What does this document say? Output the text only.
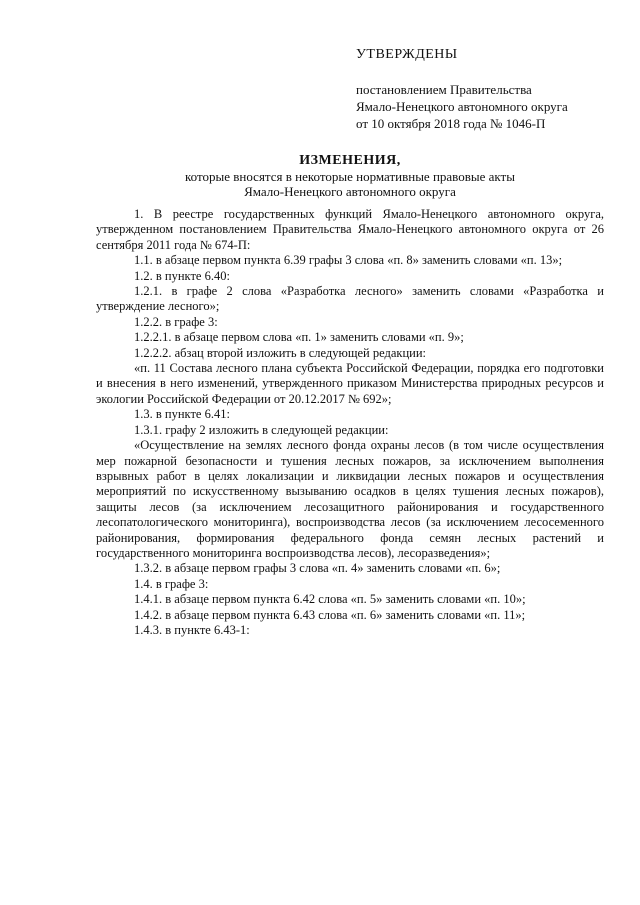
УТВЕРЖДЕНЫ
постановлением Правительства
Ямало-Ненецкого автономного округа
от 10 октября 2018 года № 1046-П
ИЗМЕНЕНИЯ,
которые вносятся в некоторые нормативные правовые акты
Ямало-Ненецкого автономного округа

1. В реестре государственных функций Ямало-Ненецкого автономного округа, утвержденном постановлением Правительства Ямало-Ненецкого автономного округа от 26 сентября 2011 года № 674-П:

1.1. в абзаце первом пункта 6.39 графы 3 слова «п. 8» заменить словами «п. 13»;

1.2. в пункте 6.40:

1.2.1. в графе 2 слова «Разработка лесного» заменить словами «Разработка и утверждение лесного»;

1.2.2. в графе 3:

1.2.2.1. в абзаце первом слова «п. 1» заменить словами «п. 9»;

1.2.2.2. абзац второй изложить в следующей редакции:

«п. 11 Состава лесного плана субъекта Российской Федерации, порядка его подготовки и внесения в него изменений, утвержденного приказом Министерства природных ресурсов и экологии Российской Федерации от 20.12.2017 № 692»;

1.3. в пункте 6.41:

1.3.1. графу 2 изложить в следующей редакции:

«Осуществление на землях лесного фонда охраны лесов (в том числе осуществления мер пожарной безопасности и тушения лесных пожаров, за исключением выполнения взрывных работ в целях локализации и ликвидации лесных пожаров и осуществления мероприятий по искусственному вызыванию осадков в целях тушения лесных пожаров), защиты лесов (за исключением лесозащитного районирования и государственного лесопатологического мониторинга), воспроизводства лесов (за исключением лесосеменного районирования, формирования федерального фонда семян лесных растений и государственного мониторинга воспроизводства лесов), лесоразведения»;

1.3.2. в абзаце первом графы 3 слова «п. 4» заменить словами «п. 6»;

1.4. в графе 3:

1.4.1. в абзаце первом пункта 6.42 слова «п. 5» заменить словами «п. 10»;

1.4.2. в абзаце первом пункта 6.43 слова «п. 6» заменить словами «п. 11»;

1.4.3. в пункте 6.43-1:
